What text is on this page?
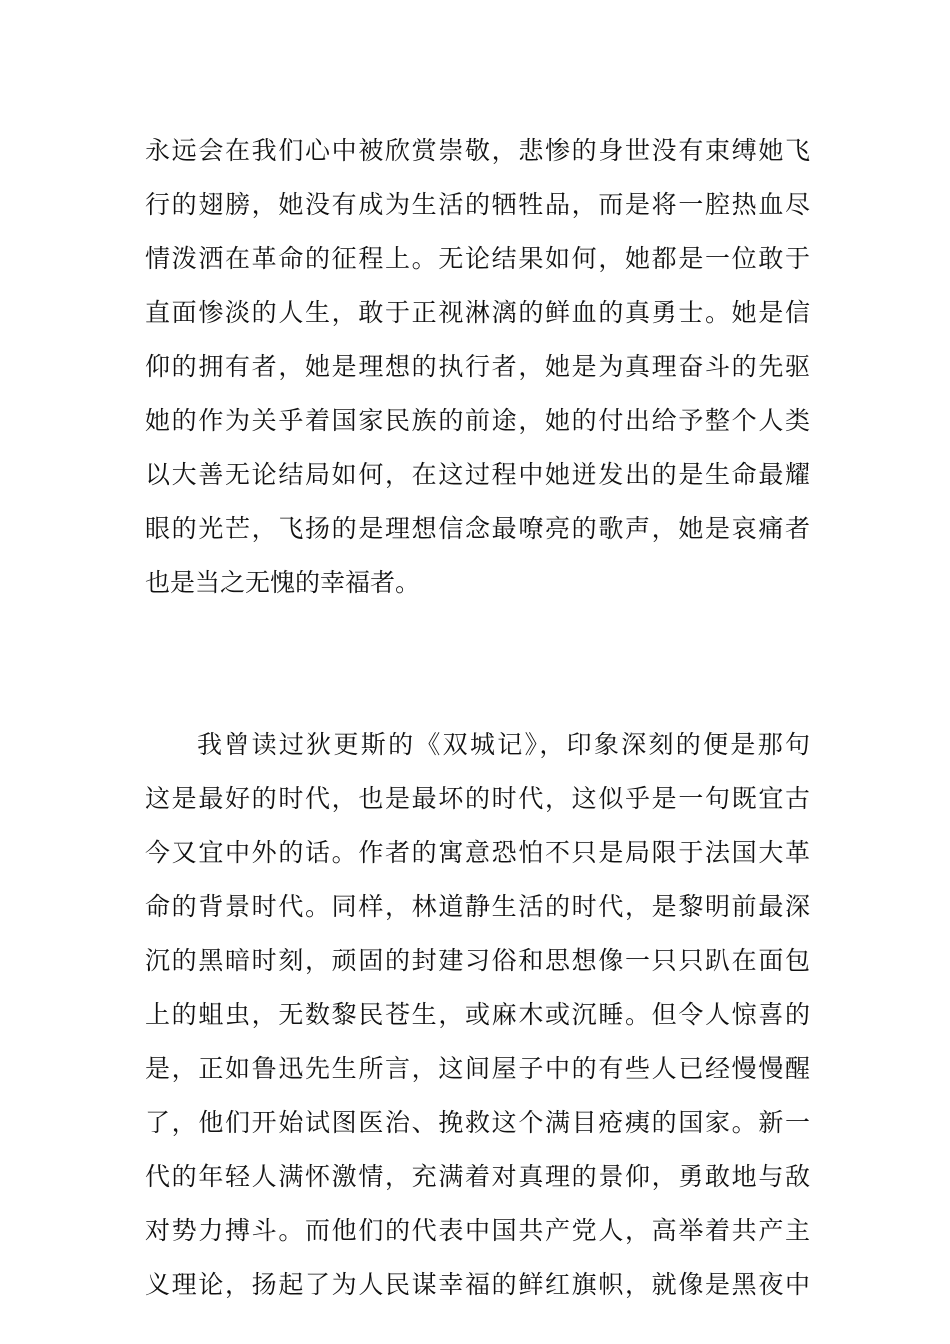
永远会在我们心中被欣赏崇敬，悲惨的身世没有束缚她飞
行的翅膀，她没有成为生活的牺牲品，而是将一腔热血尽
情泼洒在革命的征程上。无论结果如何，她都是一位敢于
直面惨淡的人生，敢于正视淋漓的鲜血的真勇士。她是信
仰的拥有者，她是理想的执行者，她是为真理奋斗的先驱
她的作为关乎着国家民族的前途，她的付出给予整个人类
以大善无论结局如何，在这过程中她迸发出的是生命最耀
眼的光芒，飞扬的是理想信念最嘹亮的歌声，她是哀痛者
也是当之无愧的幸福者。
我曾读过狄更斯的《双城记》，印象深刻的便是那句
这是最好的时代，也是最坏的时代，这似乎是一句既宜古
今又宜中外的话。作者的寓意恐怕不只是局限于法国大革
命的背景时代。同样，林道静生活的时代，是黎明前最深
沉的黑暗时刻，顽固的封建习俗和思想像一只只趴在面包
上的蛆虫，无数黎民苍生，或麻木或沉睡。但令人惊喜的
是，正如鲁迅先生所言，这间屋子中的有些人已经慢慢醒
了，他们开始试图医治、挽救这个满目疮痍的国家。新一
代的年轻人满怀激情，充满着对真理的景仰，勇敢地与敌
对势力搏斗。而他们的代表中国共产党人，高举着共产主
义理论，扬起了为人民谋幸福的鲜红旗帜，就像是黑夜中
